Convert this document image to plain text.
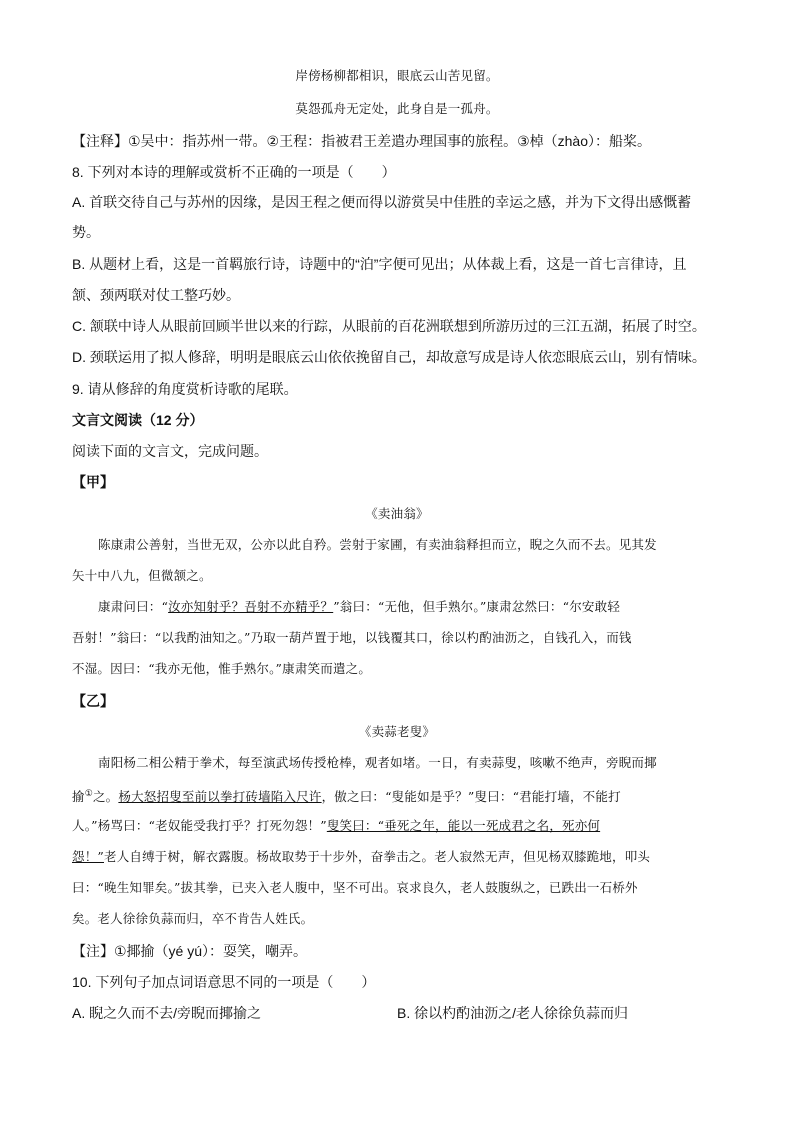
岸傍杨柳都相识，眼底云山苦见留。
莫怨孤舟无定处，此身自是一孤舟。
【注释】①吴中：指苏州一带。②王程：指被君王差遣办理国事的旅程。③棹（zhào）：船桨。
8. 下列对本诗的理解或赏析不正确的一项是（　　）
A. 首联交待自己与苏州的因缘，是因王程之便而得以游赏吴中佳胜的幸运之感，并为下文得出感慨蓄
势。
B. 从题材上看，这是一首羁旅行诗，诗题中的“泊”字便可见出；从体裁上看，这是一首七言律诗，且
颔、颈两联对仗工整巧妙。
C. 颔联中诗人从眼前回顾半世以来的行踪，从眼前的百花洲联想到所游历过的三江五湖，拓展了时空。
D. 颈联运用了拟人修辞，明明是眼底云山依依挽留自己，却故意写成是诗人依恋眼底云山，别有情味。
9. 请从修辞的角度赏析诗歌的尾联。
文言文阅读（12 分）
阅读下面的文言文，完成问题。
【甲】
《卖油翁》
陈康肃公善射，当世无双，公亦以此自矜。尝射于家圃，有卖油翁释担而立，睨之久而不去。见其发
矢十中八九，但微颔之。
康肃问曰：“汝亦知射乎？吾射不亦精乎？”翁曰：“无他，但手熟尔。”康肃忿然曰：“尔安敢轻
吾射！”翁曰：“以我酌油知之。”乃取一葫芦置于地，以钱覆其口，徐以杓酌油沥之，自钱孔入，而钱
不湿。因曰：“我亦无他，惟手熟尔。”康肃笑而遣之。
【乙】
《卖蒜老叟》
南阳杨二相公精于拳术，每至演武场传授枪棒，观者如堵。一日，有卖蒜叟，咳嗽不绝声，旁睨而揶
揄①之。杨大怒招叟至前以拳打砖墙陷入尺许，傲之曰：“叟能如是乎？”叟曰：“君能打墙，不能打
人。”杨骂曰：“老奴能受我打乎？打死勿怨！”叟笑曰：“垂死之年，能以一死成君之名，死亦何
怨！”老人自缚于树，解衣露腹。杨故取势于十步外，奋拳击之。老人寂然无声，但见杨双膝跪地，叩头
曰：“晚生知罪矣。”拔其拳，已夹入老人腹中，坚不可出。哀求良久，老人鼓腹纵之，已跌出一石桥外
矣。老人徐徐负蒜而归，卒不肯告人姓氏。
【注】①揶揄（yé yú）：耍笑，嘲弄。
10. 下列句子加点词语意思不同的一项是（　　）
A. 睨之久而不去/旁睨而揶揄之	B. 徐以杓酌油沥之/老人徐徐负蒜而归
